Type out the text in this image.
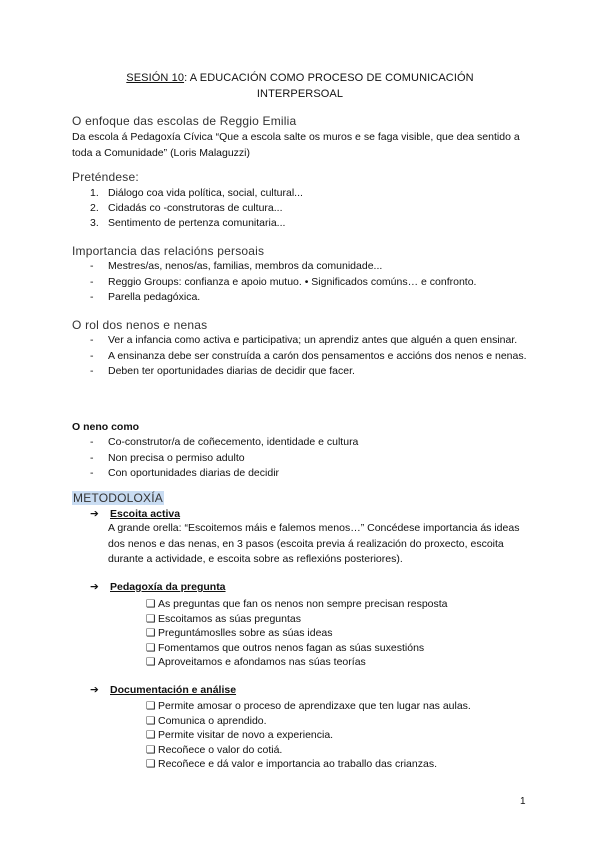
SESIÓN 10: A EDUCACIÓN COMO PROCESO DE COMUNICACIÓN INTERPERSOAL
O enfoque das escolas de Reggio Emilia
Da escola á Pedagoxía Cívica “Que a escola salte os muros e se faga visible, que dea sentido a toda a Comunidade” (Loris Malaguzzi)
Preténdese:
1. Diálogo coa vida política, social, cultural...
2. Cidadás co -construtoras de cultura...
3. Sentimento de pertenza comunitaria...
Importancia das relacións persoais
-	Mestres/as, nenos/as, familias, membros da comunidade...
-	Reggio Groups: confianza e apoio mutuo. • Significados comúns… e confronto.
-	Parella pedagóxica.
O rol dos nenos e nenas
-	Ver a infancia como activa e participativa; un aprendiz antes que alguén a quen ensinar.
-	A ensinanza debe ser construída a carón dos pensamentos e accións dos nenos e nenas.
-	Deben ter oportunidades diarias de decidir que facer.
O neno como
-	Co-construtor/a de coñecemento, identidade e cultura
-	Non precisa o permiso adulto
-	Con oportunidades diarias de decidir
METODOLOXÍA
➔	Escoita activa
A grande orella: “Escoitemos máis e falemos menos…” Concédese importancia ás ideas dos nenos e das nenas, en 3 pasos (escoita previa á realización do proxecto, escoita durante a actividade, e escoita sobre as reflexións posteriores).
➔	Pedagoxía da pregunta
❑ As preguntas que fan os nenos non sempre precisan resposta
❑ Escoitamos as súas preguntas
❑ Preguntámoslles sobre as súas ideas
❑ Fomentamos que outros nenos fagan as súas suxestións
❑ Aproveitamos e afondamos nas súas teorías
➔	Documentación e análise
❑ Permite amosar o proceso de aprendizaxe que ten lugar nas aulas.
❑ Comunica o aprendido.
❑ Permite visitar de novo a experiencia.
❑ Recoñece o valor do cotiá.
❑ Recoñece e dá valor e importancia ao traballo das crianzas.
1
